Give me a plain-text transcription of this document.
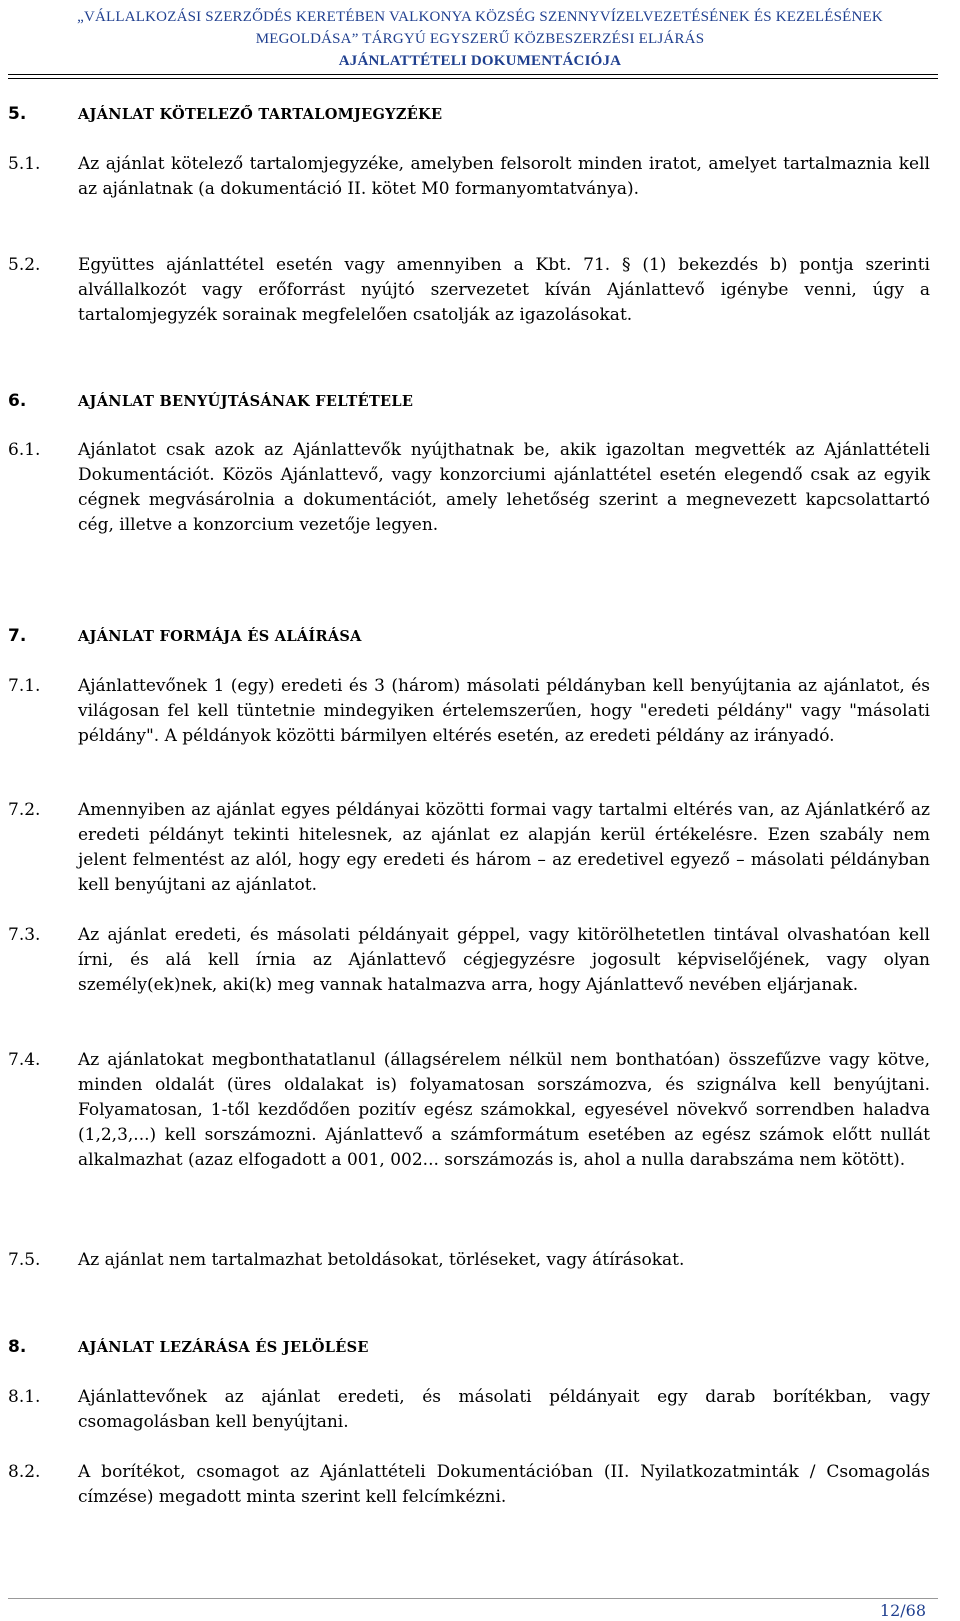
„VÁLLALKOZÁSI SZERZŐDÉS KERETÉBEN VALKONYA KÖZSÉG SZENNYVÍZELVEZETÉSÉNEK ÉS KEZELÉSÉNEK
MEGOLDÁSA” TÁRGYÚ EGYSZERŰ KÖZBESZERZÉSI ELJÁRÁS
AJÁNLATTÉTELI DOKUMENTÁCIÓJA
5.	AJÁNLAT KÖTELEZŐ TARTALOMJEGYZÉKE
5.1.	Az ajánlat kötelező tartalomjegyzéke, amelyben felsorolt minden iratot, amelyet tartalmaznia kell az ajánlatnak (a dokumentáció II. kötet M0 formanyomtatványa).
5.2.	Együttes ajánlattétel esetén vagy amennyiben a Kbt. 71. § (1) bekezdés b) pontja szerinti alvállalkozót vagy erőforrást nyújtó szervezetet kíván Ajánlattevő igénybe venni, úgy a tartalomjegyzék sorainak megfelelően csatolják az igazolásokat.
6.	AJÁNLAT BENYÚJTÁSÁNAK FELTÉTELE
6.1.	Ajánlatot csak azok az Ajánlattevők nyújthatnak be, akik igazoltan megvették az Ajánlattételi Dokumentációt. Közös Ajánlattevő, vagy konzorciumi ajánlattétel esetén elegendő csak az egyik cégnek megvásárolnia a dokumentációt, amely lehetőség szerint a megnevezett kapcsolattartó cég, illetve a konzorcium vezetője legyen.
7.	AJÁNLAT FORMÁJA ÉS ALÁÍRÁSA
7.1.	Ajánlattevőnek 1 (egy) eredeti és 3 (három) másolati példányban kell benyújtania az ajánlatot, és világosan fel kell tüntetnie mindegyiken értelemszerűen, hogy "eredeti példány" vagy "másolati példány". A példányok közötti bármilyen eltérés esetén, az eredeti példány az irányadó.
7.2.	Amennyiben az ajánlat egyes példányai közötti formai vagy tartalmi eltérés van, az Ajánlatkérő az eredeti példányt tekinti hitelesnek, az ajánlat ez alapján kerül értékelésre. Ezen szabály nem jelent felmentést az alól, hogy egy eredeti és három – az eredetivel egyező – másolati példányban kell benyújtani az ajánlatot.
7.3.	Az ajánlat eredeti, és másolati példányait géppel, vagy kitörölhetetlen tintával olvashatóan kell írni, és alá kell írnia az Ajánlattevő cégjegyzésre jogosult képviselőjének, vagy olyan személy(ek)nek, aki(k) meg vannak hatalmazva arra, hogy Ajánlattevő nevében eljárjanak.
7.4.	Az ajánlatokat megbonthatatlanul (állagsérelem nélkül nem bonthatóan) összefűzve vagy kötve, minden oldalát (üres oldalakat is) folyamatosan sorszámozva, és szignálva kell benyújtani. Folyamatosan, 1-től kezdődően pozitív egész számokkal, egyesével növekvő sorrendben haladva (1,2,3,...) kell sorszámozni. Ajánlattevő a számformátum esetében az egész számok előtt nullát alkalmazhat (azaz elfogadott a 001, 002... sorszámozás is, ahol a nulla darabszáma nem kötött).
7.5.	Az ajánlat nem tartalmazhat betoldásokat, törléseket, vagy átírásokat.
8.	AJÁNLAT LEZÁRÁSA ÉS JELÖLÉSE
8.1.	Ajánlattevőnek az ajánlat eredeti, és másolati példányait egy darab borítékban, vagy csomagolásban kell benyújtani.
8.2.	A borítékot, csomagot az Ajánlattételi Dokumentációban (II. Nyilatkozatminták / Csomagolás címzése) megadott minta szerint kell felcímkézni.
12/68
